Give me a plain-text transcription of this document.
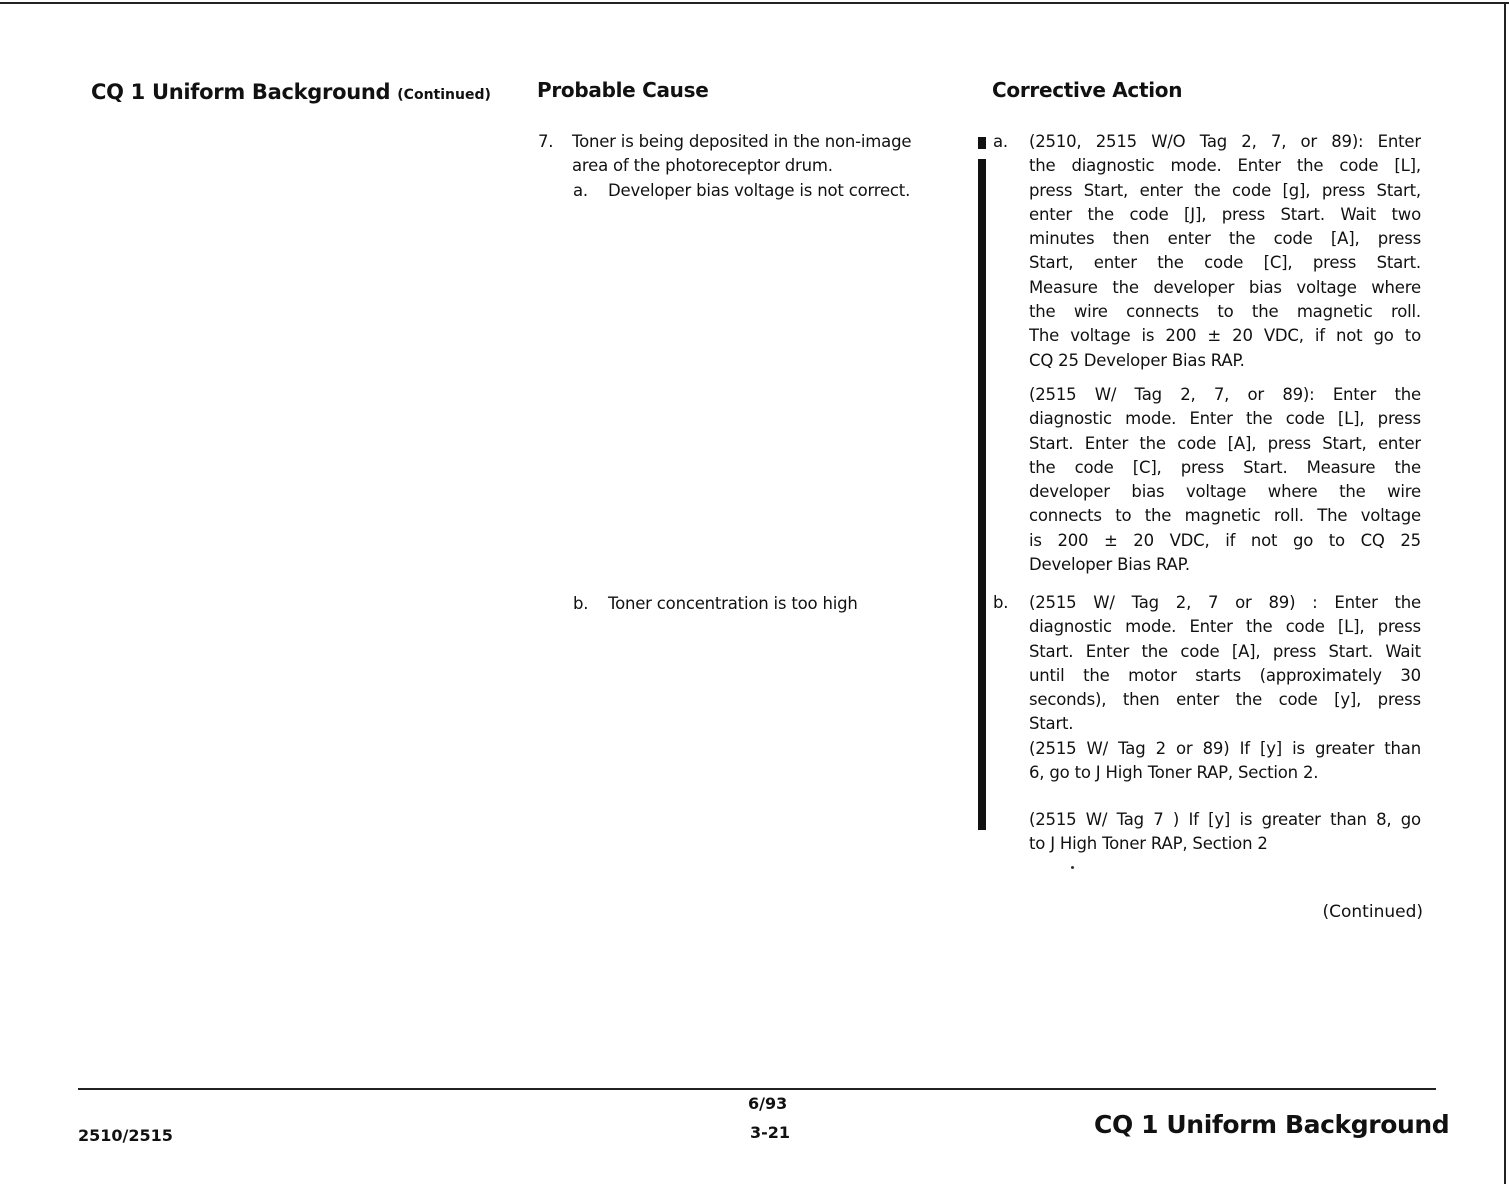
CQ 1 Uniform Background (Continued) Probable Cause	Corrective Action
7. Toner is being deposited in the non-image
area of the photoreceptor drum.
a. Developer bias voltage is not correct.
b. Toner concentration is too high
a. (2510, 2515 W/O Tag 2, 7, or 89): Enter
the diagnostic mode. Enter the code [L],
press Start, enter the code [g], press Start,
enter the code [J], press Start. Wait two
minutes then enter the code [A], press
Start, enter the code [C], press Start.
Measure the developer bias voltage where
the wire connects to the magnetic roll.
The voltage is 200 ± 20 VDC, if not go to
CQ 25 Developer Bias RAP.
(2515 W/ Tag 2, 7, or 89): Enter the
diagnostic mode. Enter the code [L], press
Start. Enter the code [A], press Start, enter
the code [C], press Start. Measure the
developer bias voltage where the wire
connects to the magnetic roll. The voltage
is 200 ± 20 VDC, if not go to CQ 25
Developer Bias RAP.
b. (2515 W/ Tag 2, 7 or 89) : Enter the
diagnostic mode. Enter the code [L], press
Start. Enter the code [A], press Start. Wait
until the motor starts (approximately 30
seconds), then enter the code [y], press
Start.
(2515 W/ Tag 2 or 89) If [y] is greater than
6, go to J High Toner RAP, Section 2.
(2515 W/ Tag 7 ) If [y] is greater than 8, go
to J High Toner RAP, Section 2
(Continued)
2510/2515
6/93
3-21	CQ 1 Uniform Background
